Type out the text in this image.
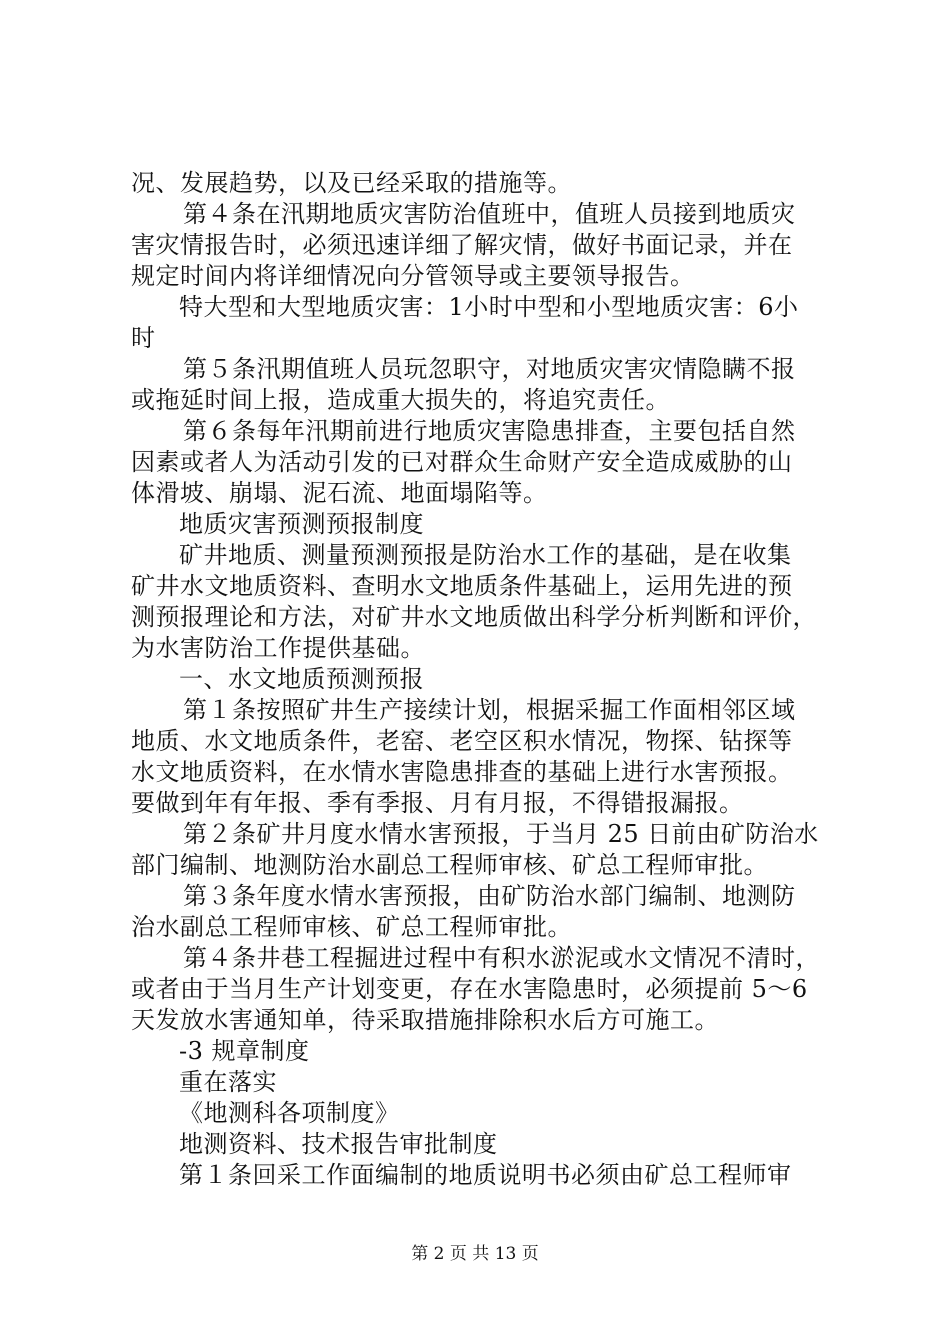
况、发展趋势，以及已经采取的措施等。
第４条在汛期地质灾害防治值班中，值班人员接到地质灾
害灾情报告时，必须迅速详细了解灾情，做好书面记录，并在
规定时间内将详细情况向分管领导或主要领导报告。
特大型和大型地质灾害：1小时中型和小型地质灾害：6小
时
第５条汛期值班人员玩忽职守，对地质灾害灾情隐瞒不报
或拖延时间上报，造成重大损失的，将追究责任。
第６条每年汛期前进行地质灾害隐患排查，主要包括自然
因素或者人为活动引发的已对群众生命财产安全造成威胁的山
体滑坡、崩塌、泥石流、地面塌陷等。
地质灾害预测预报制度
矿井地质、测量预测预报是防治水工作的基础，是在收集
矿井水文地质资料、查明水文地质条件基础上，运用先进的预
测预报理论和方法，对矿井水文地质做出科学分析判断和评价，
为水害防治工作提供基础。
一、水文地质预测预报
第１条按照矿井生产接续计划，根据采掘工作面相邻区域
地质、水文地质条件，老窑、老空区积水情况，物探、钻探等
水文地质资料，在水情水害隐患排查的基础上进行水害预报。
要做到年有年报、季有季报、月有月报，不得错报漏报。
第２条矿井月度水情水害预报，于当月 25 日前由矿防治水
部门编制、地测防治水副总工程师审核、矿总工程师审批。
第３条年度水情水害预报，由矿防治水部门编制、地测防
治水副总工程师审核、矿总工程师审批。
第４条井巷工程掘进过程中有积水淤泥或水文情况不清时，
或者由于当月生产计划变更，存在水害隐患时，必须提前 5～6
天发放水害通知单，待采取措施排除积水后方可施工。
-3 规章制度
重在落实
《地测科各项制度》
地测资料、技术报告审批制度
第１条回采工作面编制的地质说明书必须由矿总工程师审
第 2 页 共 13 页
